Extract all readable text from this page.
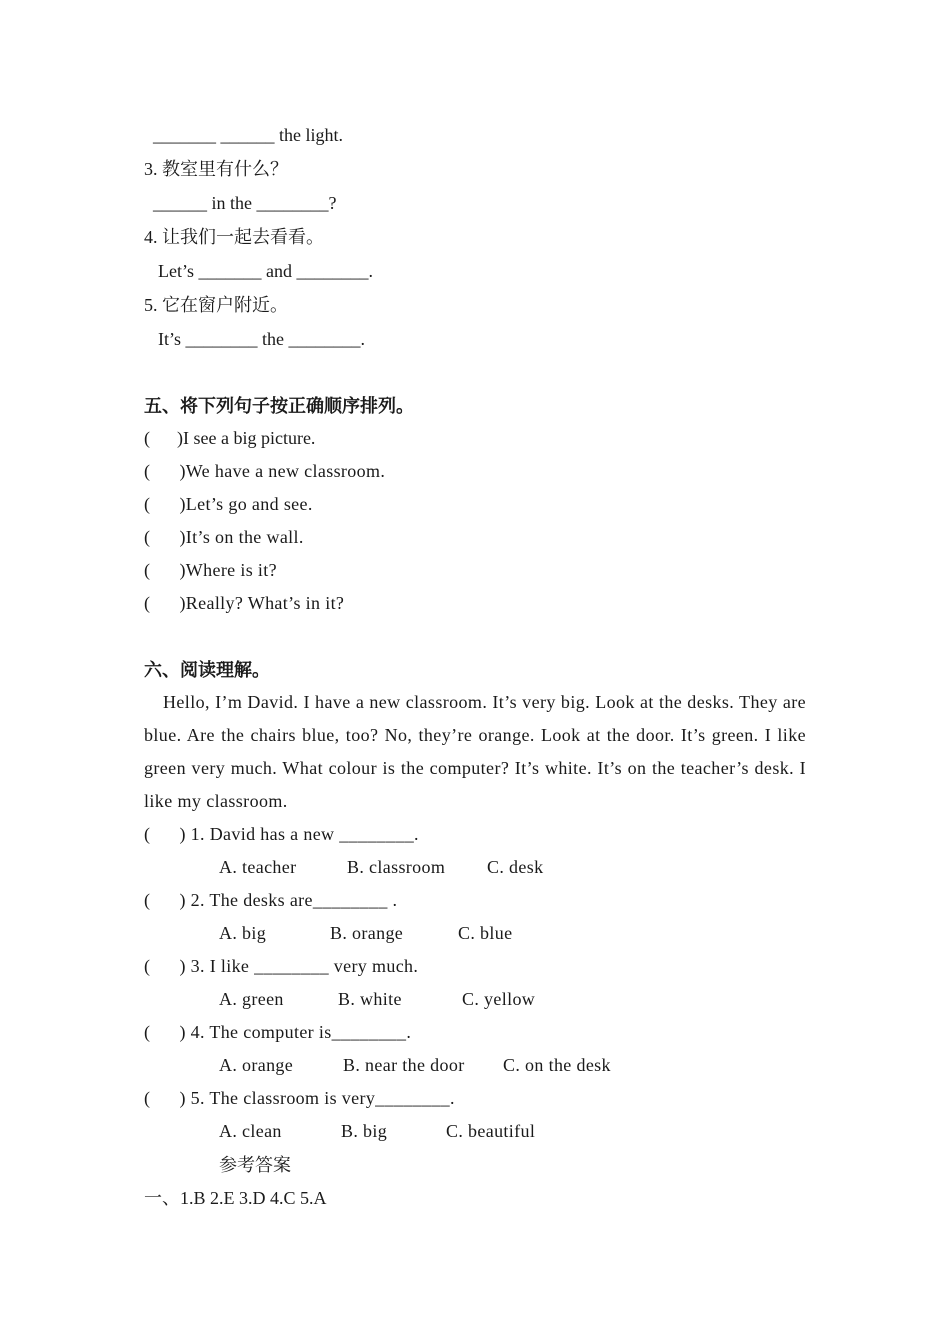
_______ ______ the light.
3. 教室里有什么？
______ in the ________?
4. 让我们一起去看看。
Let’s _______ and ________.
5. 它在窗户附近。
It’s ________ the ________.
五、将下列句子按正确顺序排列。
(      )I see a big picture.
(      )We have a new classroom.
(      )Let’s go and see.
(      )It’s on the wall.
(      )Where is it?
(      )Really? What’s in it?
六、阅读理解。
Hello, I’m David. I have a new classroom. It’s very big. Look at the desks. They are blue. Are the chairs blue, too? No, they’re orange. Look at the door. It’s green. I like green very much. What colour is the computer? It’s white. It’s on the teacher’s desk. I like my classroom.
(      ) 1. David has a new ________.

A. teacher

	B. classroom

C. desk

(      ) 2. The desks are________ .

A. big

	B. orange

	C. blue

(      ) 3. I like ________ very much.

A. green

	B. white

	C. yellow

(      ) 4. The computer is________.

A. orange

	B. near the door

C. on the desk

(      ) 5. The classroom is very________.

A. clean

	B. big

	C. beautiful

参考答案
一、1.B 2.E 3.D 4.C 5.A
